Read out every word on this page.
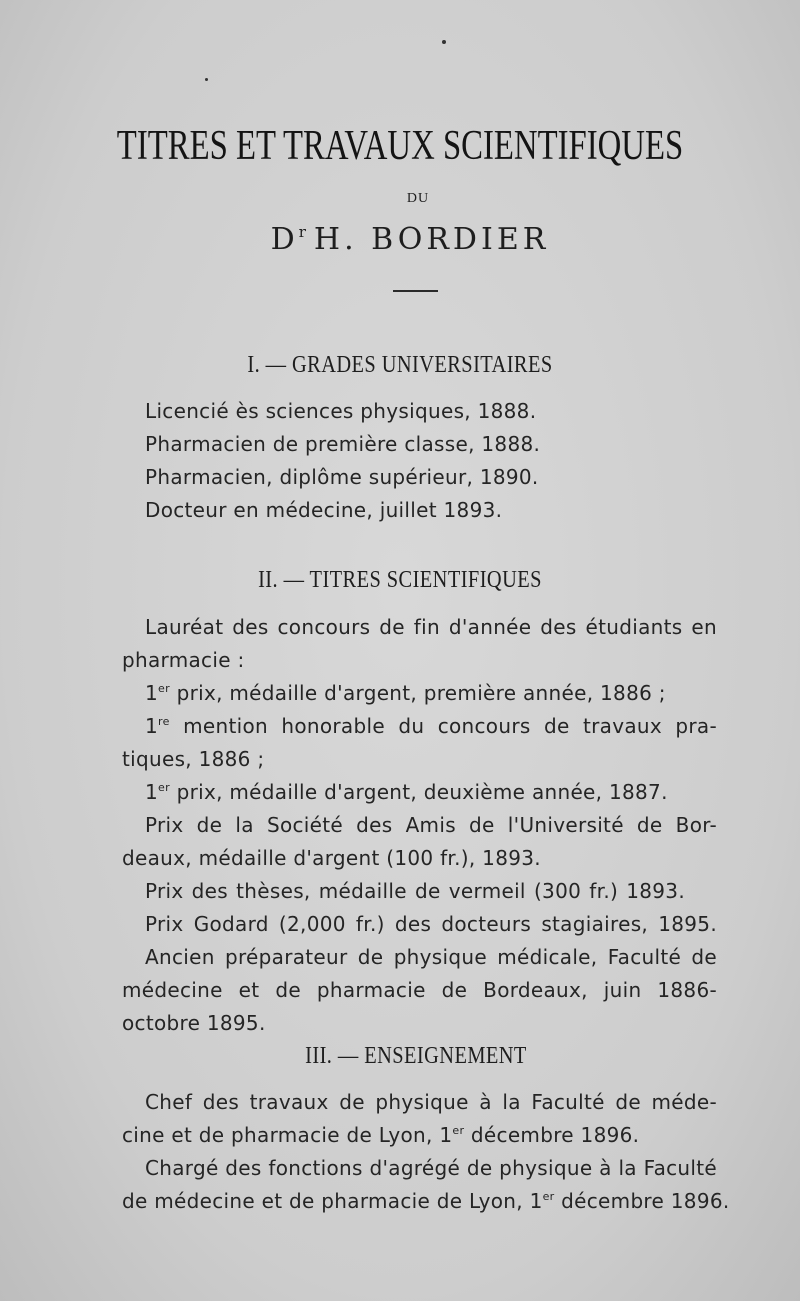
TITRES ET TRAVAUX SCIENTIFIQUES
DU
$D^r$ H. BORDIER
I. — GRADES UNIVERSITAIRES
Licencié ès sciences physiques, 1888.
Pharmacien de première classe, 1888.
Pharmacien, diplôme supérieur, 1890.
Docteur en médecine, juillet 1893.
II. — TITRES SCIENTIFIQUES
Lauréat des concours de fin d'année des étudiants en
pharmacie :
1er prix, médaille d'argent, première année, 1886 ;
1re mention honorable du concours de travaux pra-
tiques, 1886 ;
1er prix, médaille d'argent, deuxième année, 1887.
Prix de la Société des Amis de l'Université de Bor-
deaux, médaille d'argent (100 fr.), 1893.
Prix des thèses, médaille de vermeil (300 fr.) 1893.
Prix Godard (2,000 fr.) des docteurs stagiaires, 1895.
Ancien préparateur de physique médicale, Faculté de
médecine et de pharmacie de Bordeaux, juin 1886-
octobre 1895.
III. — ENSEIGNEMENT
Chef des travaux de physique à la Faculté de méde-
cine et de pharmacie de Lyon, 1er décembre 1896.
Chargé des fonctions d'agrégé de physique à la Faculté
de médecine et de pharmacie de Lyon, 1er décembre 1896.
